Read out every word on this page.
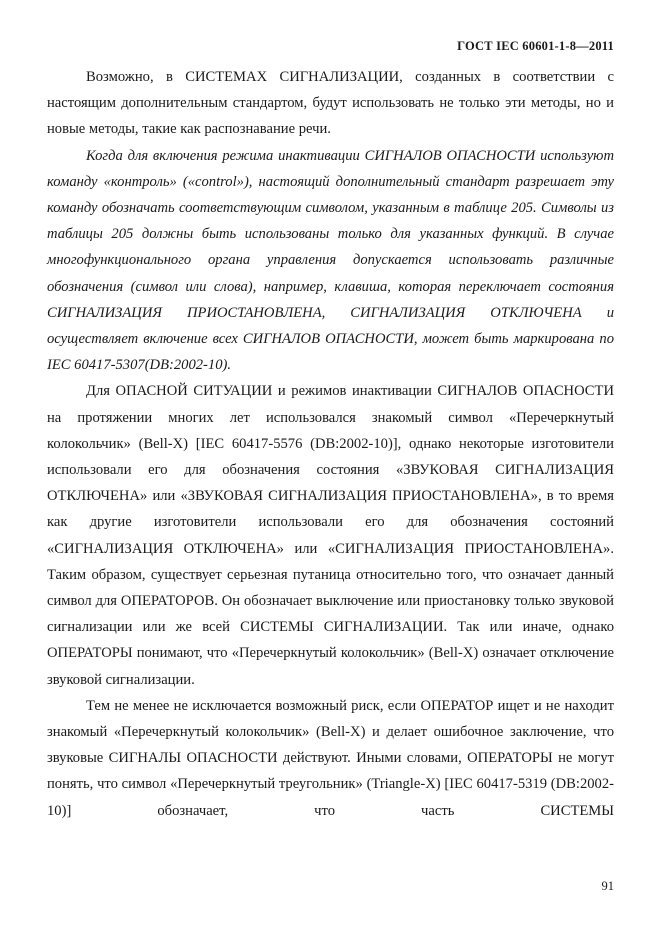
ГОСТ IEC 60601-1-8—2011

Возможно, в СИСТЕМАХ СИГНАЛИЗАЦИИ, созданных в соответствии с настоящим дополнительным стандартом, будут использовать не только эти методы, но и новые методы, такие как распознавание речи.

Когда для включения режима инактивации СИГНАЛОВ ОПАСНОСТИ используют команду «контроль» («control»), настоящий дополнительный стандарт разрешает эту команду обозначать соответствующим символом, указанным в таблице 205. Символы из таблицы 205 должны быть использованы только для указанных функций. В случае многофункционального органа управления допускается использовать различные обозначения (символ или слова), например, клавиша, которая переключает состояния СИГНАЛИЗАЦИЯ ПРИОСТАНОВЛЕНА, СИГНАЛИЗАЦИЯ ОТКЛЮЧЕНА и осуществляет включение всех СИГНАЛОВ ОПАСНОСТИ, может быть маркирована по IEC 60417-5307(DB:2002-10).

Для ОПАСНОЙ СИТУАЦИИ и режимов инактивации СИГНАЛОВ ОПАСНОСТИ на протяжении многих лет использовался знакомый символ «Перечеркнутый колокольчик» (Bell-X) [IEC 60417-5576 (DB:2002-10)], однако некоторые изготовители использовали его для обозначения состояния «ЗВУКОВАЯ СИГНАЛИЗАЦИЯ ОТКЛЮЧЕНА» или «ЗВУКОВАЯ СИГНАЛИЗАЦИЯ ПРИОСТАНОВЛЕНА», в то время как другие изготовители использовали его для обозначения состояний «СИГНАЛИЗАЦИЯ ОТКЛЮЧЕНА» или «СИГНАЛИЗАЦИЯ ПРИОСТАНОВЛЕНА». Таким образом, существует серьезная путаница относительно того, что означает данный символ для ОПЕРАТОРОВ. Он обозначает выключение или приостановку только звуковой сигнализации или же всей СИСТЕМЫ СИГНАЛИЗАЦИИ. Так или иначе, однако ОПЕРАТОРЫ понимают, что «Перечеркнутый колокольчик» (Bell-X) означает отключение звуковой сигнализации.

Тем не менее не исключается возможный риск, если ОПЕРАТОР ищет и не находит знакомый «Перечеркнутый колокольчик» (Bell-X) и делает ошибочное заключение, что звуковые СИГНАЛЫ ОПАСНОСТИ действуют. Иными словами, ОПЕРАТОРЫ не могут понять, что символ «Перечеркнутый треугольник» (Triangle-X) [IEC 60417-5319 (DB:2002-10)] обозначает, что часть СИСТЕМЫ

91
